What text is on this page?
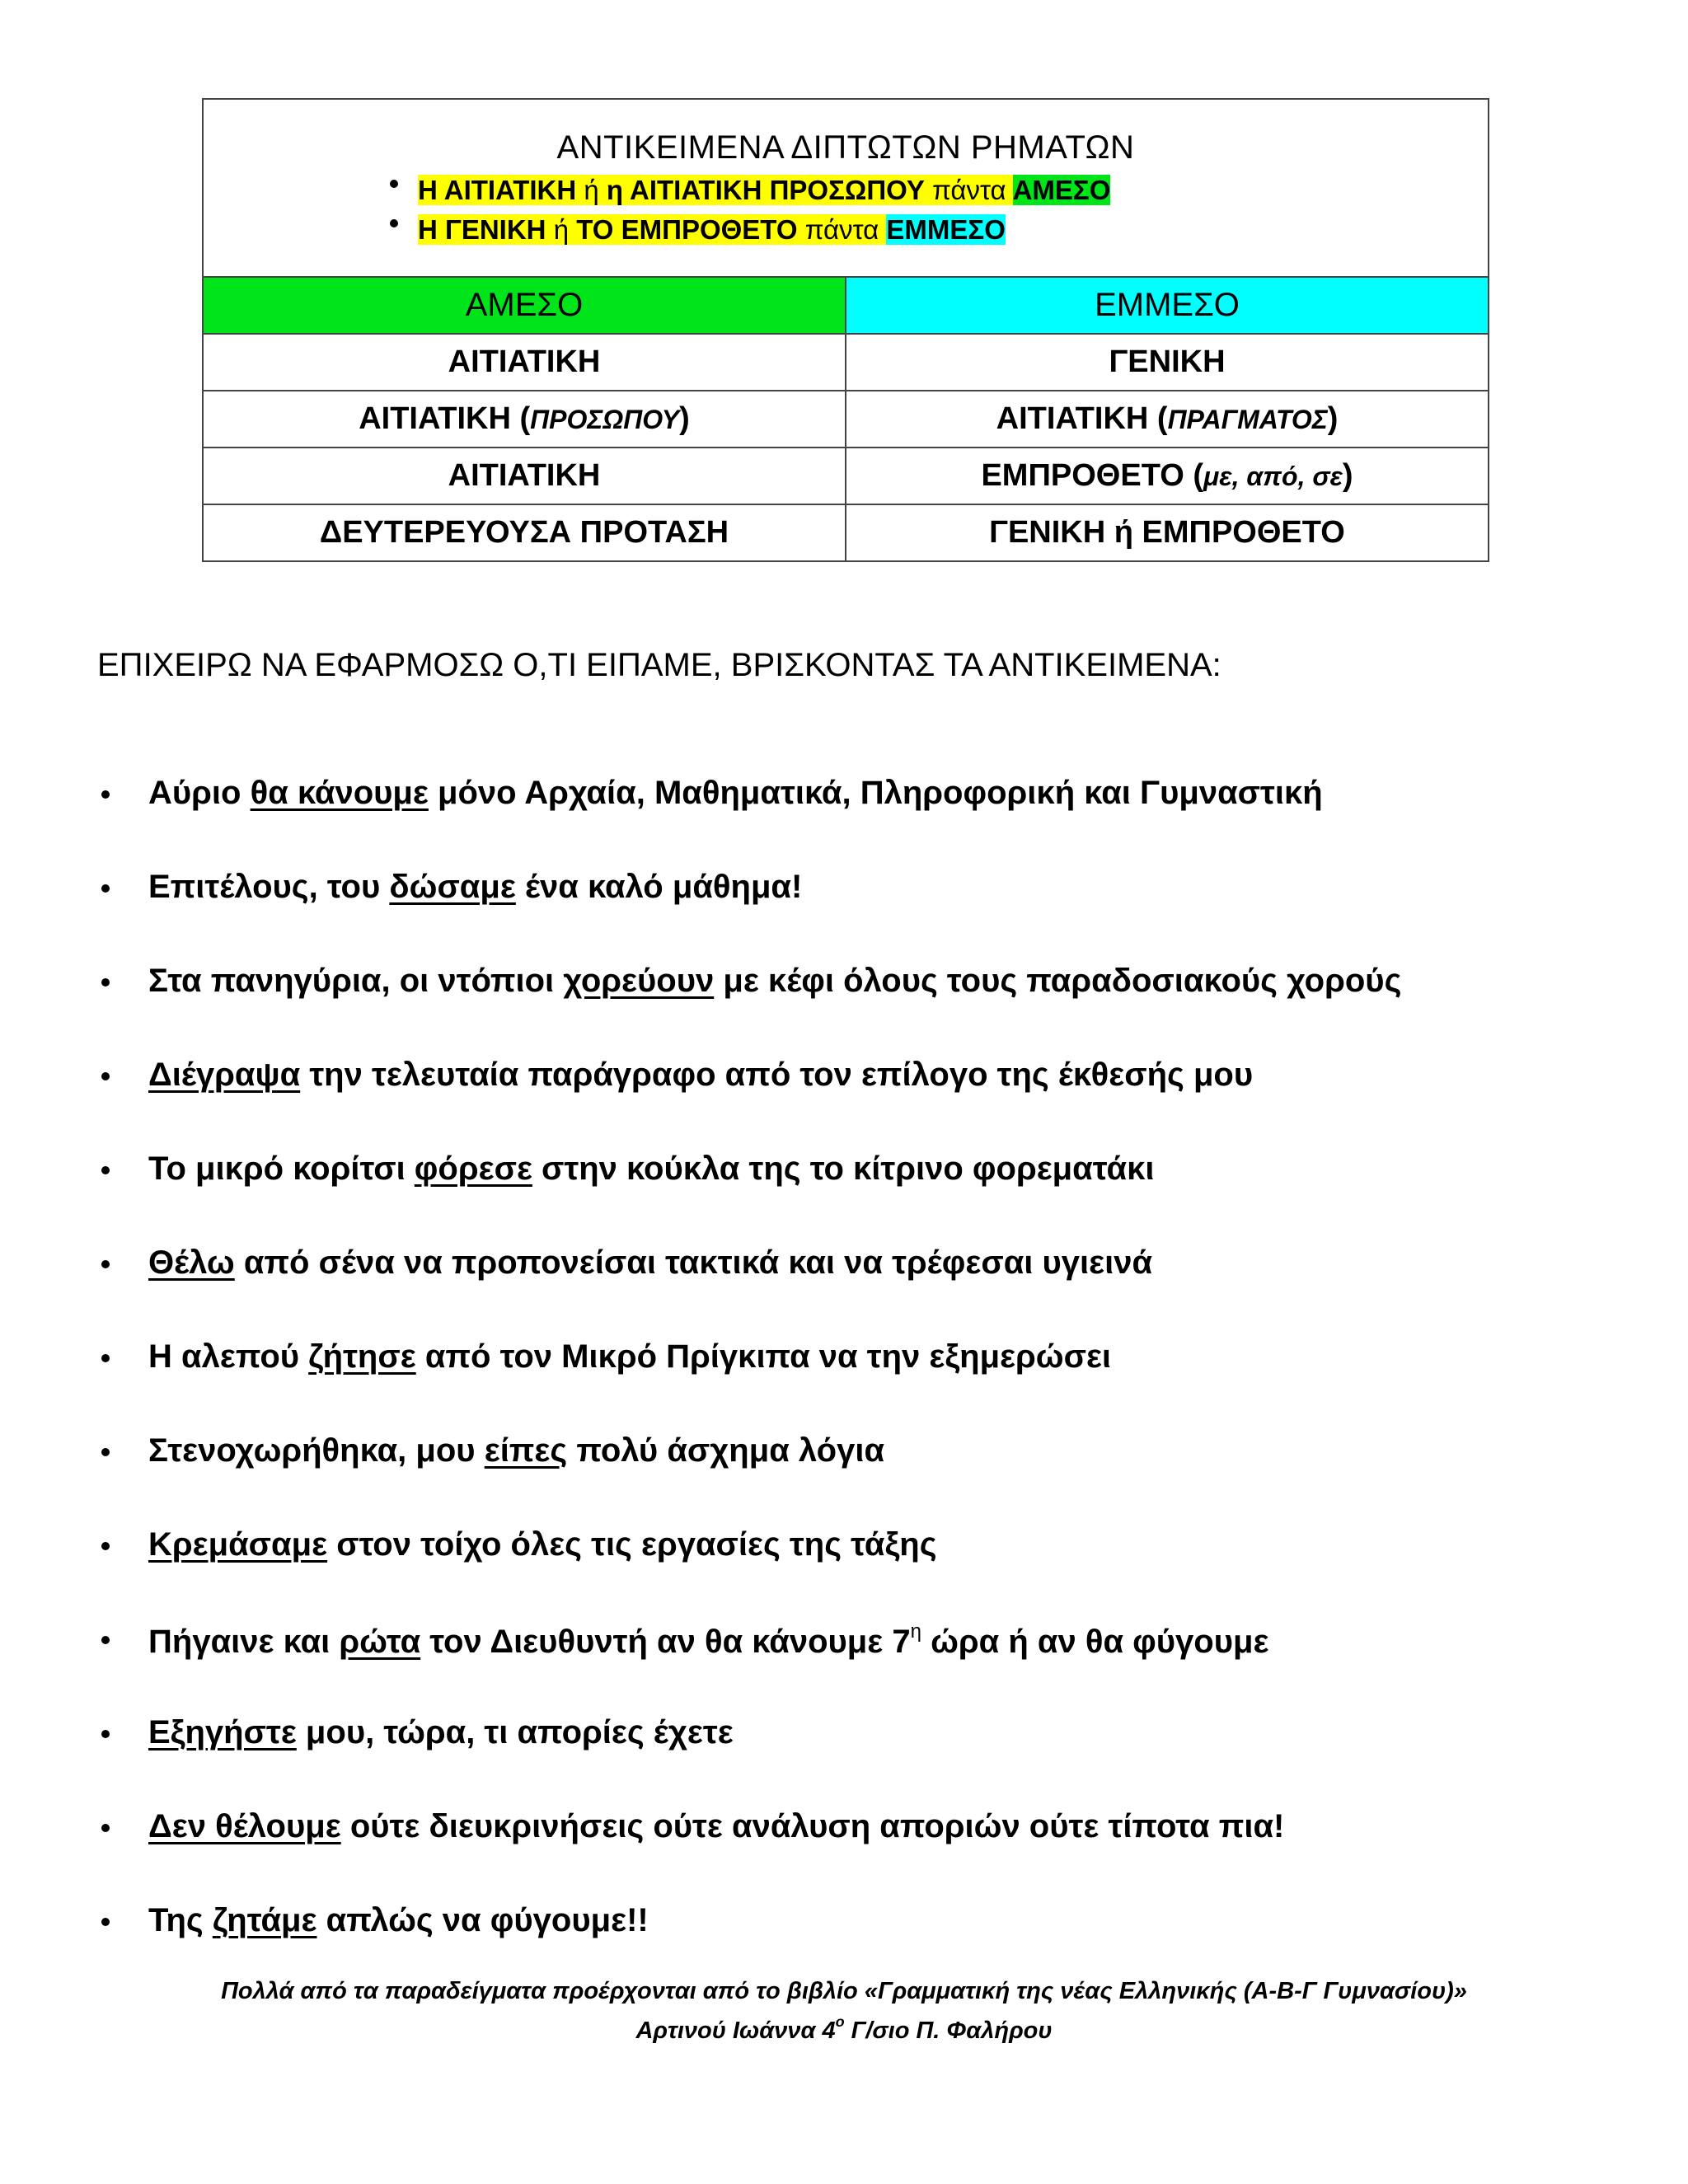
ΑΝΤΙΚΕΙΜΕΝΑ ΔΙΠΤΩΤΩΝ ΡΗΜΑΤΩΝ
Η ΑΙΤΙΑΤΙΚΗ ή η ΑΙΤΙΑΤΙΚΗ ΠΡΟΣΩΠΟΥ πάντα ΑΜΕΣΟ
Η ΓΕΝΙΚΗ ή ΤΟ ΕΜΠΡΟΘΕΤΟ πάντα ΕΜΜΕΣΟ
ΑΜΕΣΟ	ΕΜΜΕΣΟ
ΑΙΤΙΑΤΙΚΗ	ΓΕΝΙΚΗ
ΑΙΤΙΑΤΙΚΗ (ΠΡΟΣΩΠΟΥ)	ΑΙΤΙΑΤΙΚΗ (ΠΡΑΓΜΑΤΟΣ)
ΑΙΤΙΑΤΙΚΗ	ΕΜΠΡΟΘΕΤΟ (με, από, σε)
ΔΕΥΤΕΡΕΥΟΥΣΑ ΠΡΟΤΑΣΗ	ΓΕΝΙΚΗ ή ΕΜΠΡΟΘΕΤΟ
ΕΠΙΧΕΙΡΩ ΝΑ ΕΦΑΡΜΟΣΩ Ο,ΤΙ ΕΙΠΑΜΕ, ΒΡΙΣΚΟΝΤΑΣ ΤΑ ΑΝΤΙΚΕΙΜΕΝΑ:
Αύριο θα κάνουμε μόνο Αρχαία, Μαθηματικά, Πληροφορική και Γυμναστική
Επιτέλους, του δώσαμε ένα καλό μάθημα!
Στα πανηγύρια, οι ντόπιοι χορεύουν με κέφι όλους τους παραδοσιακούς χορούς
Διέγραψα την τελευταία παράγραφο από τον επίλογο της έκθεσής μου
Το μικρό κορίτσι φόρεσε στην κούκλα της το κίτρινο φορεματάκι
Θέλω από σένα να προπονείσαι τακτικά και να τρέφεσαι υγιεινά
Η αλεπού ζήτησε από τον Μικρό Πρίγκιπα να την εξημερώσει
Στενοχωρήθηκα, μου είπες πολύ άσχημα λόγια
Κρεμάσαμε στον τοίχο όλες τις εργασίες της τάξης
Πήγαινε και ρώτα τον Διευθυντή αν θα κάνουμε $7^\eta$ ώρα ή αν θα φύγουμε
Εξηγήστε μου, τώρα, τι απορίες έχετε
Δεν θέλουμε ούτε διευκρινήσεις ούτε ανάλυση αποριών ούτε τίποτα πια!
Της ζητάμε απλώς να φύγουμε!!
Πολλά από τα παραδείγματα προέρχονται από το βιβλίο «Γραμματική της νέας Ελληνικής (Α-Β-Γ Γυμνασίου)»
Αρτινού Ιωάννα $4^o$ Γ/σιο Π. Φαλήρου
